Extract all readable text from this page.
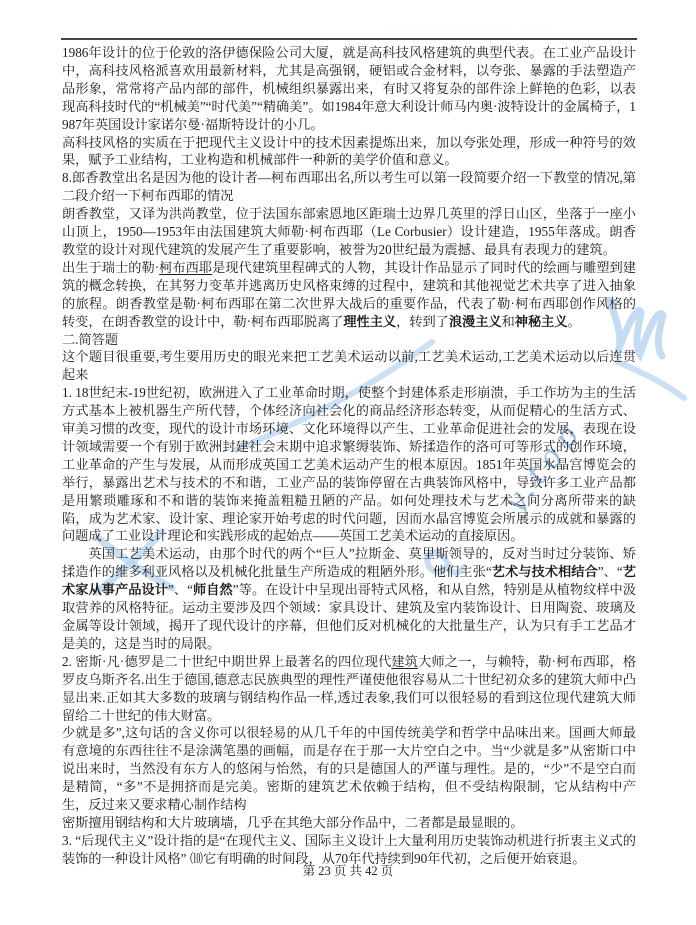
y.top
·· ··· ·· · ···· ·· ·· ··· ··· ··

1986年设计的位于伦敦的洛伊德保险公司大厦，就是高科技风格建筑的典型代表。在工业产品设计中，高科技风格派喜欢用最新材料，尤其是高强钢，硬铝或合金材料，以夸张、暴露的手法塑造产品形象，常常将产品内部的部件，机械组织暴露出来，有时又将复杂的部件涂上鲜艳的色彩，以表现高科技时代的“机械美”“时代美”“精确美”。如1984年意大利设计师马内奥·波特设计的金属椅子，1987年英国设计家诺尔曼·福斯特设计的小几。

高科技风格的实质在于把现代主义设计中的技术因素提炼出来，加以夸张处理，形成一种符号的效果，赋予工业结构，工业构造和机械部件一种新的美学价值和意义。

8.郎香教堂出名是因为他的设计者—柯布西耶出名,所以考生可以第一段简要介绍一下教堂的情况,第二段介绍一下柯布西耶的情况

朗香教堂，又译为洪尚教堂，位于法国东部索恩地区距瑞士边界几英里的浮日山区，坐落于一座小山顶上，1950—1953年由法国建筑大师勒·柯布西耶（Le Corbusier）设计建造，1955年落成。朗香教堂的设计对现代建筑的发展产生了重要影响，被誉为20世纪最为震撼、最具有表现力的建筑。

出生于瑞士的勒·柯布西耶是现代建筑里程碑式的人物，其设计作品显示了同时代的绘画与雕塑到建筑的概念转换，在其努力变革并逃离历史风格束缚的过程中，建筑和其他视觉艺术共享了进入抽象的旅程。朗香教堂是勒·柯布西耶在第二次世界大战后的重要作品，代表了勒·柯布西耶创作风格的转变，在朗香教堂的设计中，勒·柯布西耶脱离了理性主义，转到了浪漫主义和神秘主义。

二.简答题

这个题目很重要,考生要用历史的眼光来把工艺美术运动以前,工艺美术运动,工艺美术运动以后连贯起来

1. 18世纪末-19世纪初，欧洲进入了工业革命时期，使整个封建体系走形崩溃，手工作坊为主的生活方式基本上被机器生产所代替，个体经济向社会化的商品经济形态转变，从而促精心的生活方式、审美习惯的改变，现代的设计市场环境、文化环境得以产生、工业革命促进社会的发展，表现在设计领域需要一个有别于欧洲封建社会末期中追求繁缛装饰、矫揉造作的洛可可等形式的创作环境，工业革命的产生与发展，从而形成英国工艺美术运动产生的根本原因。1851年英国水晶宫博览会的举行，暴露出艺术与技术的不和谐，工业产品的装饰停留在古典装饰风格中，导致许多工业产品都是用繁琐雕琢和不和谐的装饰来掩盖粗糙丑陋的产品。如何处理技术与艺术之间分离所带来的缺陷，成为艺术家、设计家、理论家开始考虑的时代问题，因而水晶宫博览会所展示的成就和暴露的问题成了工业设计理论和实践形成的起始点——英国工艺美术运动的直接原因。

英国工艺美术运动，由那个时代的两个“巨人”拉斯金、莫里斯领导的，反对当时过分装饰、矫揉造作的维多利亚风格以及机械化批量生产所造成的粗陋外形。他们主张“艺术与技术相结合”、“艺术家从事产品设计”、“师自然”等。在设计中呈现出哥特式风格，和从自然，特别是从植物纹样中汲取营养的风格特征。运动主要涉及四个领域：家具设计、建筑及室内装饰设计、日用陶瓷、玻璃及金属等设计领域，揭开了现代设计的序幕，但他们反对机械化的大批量生产，认为只有手工艺品才是美的，这是当时的局限。

2. 密斯·凡·德罗是二十世纪中期世界上最著名的四位现代建筑大师之一，与赖特，勒·柯布西耶，格罗皮乌斯齐名.出生于德国,德意志民族典型的理性严谨使他很容易从二十世纪初众多的建筑大师中凸显出来.正如其大多数的玻璃与钢结构作品一样,透过表象,我们可以很轻易的看到这位现代建筑大师留给二十世纪的伟大财富。

少就是多”,这句话的含义你可以很轻易的从几千年的中国传统美学和哲学中品味出来。国画大师最有意境的东西往往不是涂满笔墨的画幅，而是存在于那一大片空白之中。当“少就是多”从密斯口中说出来时，当然没有东方人的悠闲与怡然，有的只是德国人的严谨与理性。是的，“少”不是空白而是精简，“多”不是拥挤而是完美。密斯的建筑艺术依赖于结构，但不受结构限制，它从结构中产生，反过来又要求精心制作结构

密斯擅用钢结构和大片玻璃墙，几乎在其绝大部分作品中，二者都是最显眼的。

3. “后现代主义”设计指的是“在现代主义、国际主义设计上大量利用历史装饰动机进行折衷主义式的装饰的一种设计风格” ⑽它有明确的时间段，从70年代持续到90年代初，之后便开始衰退。

第 23 页 共 42 页
